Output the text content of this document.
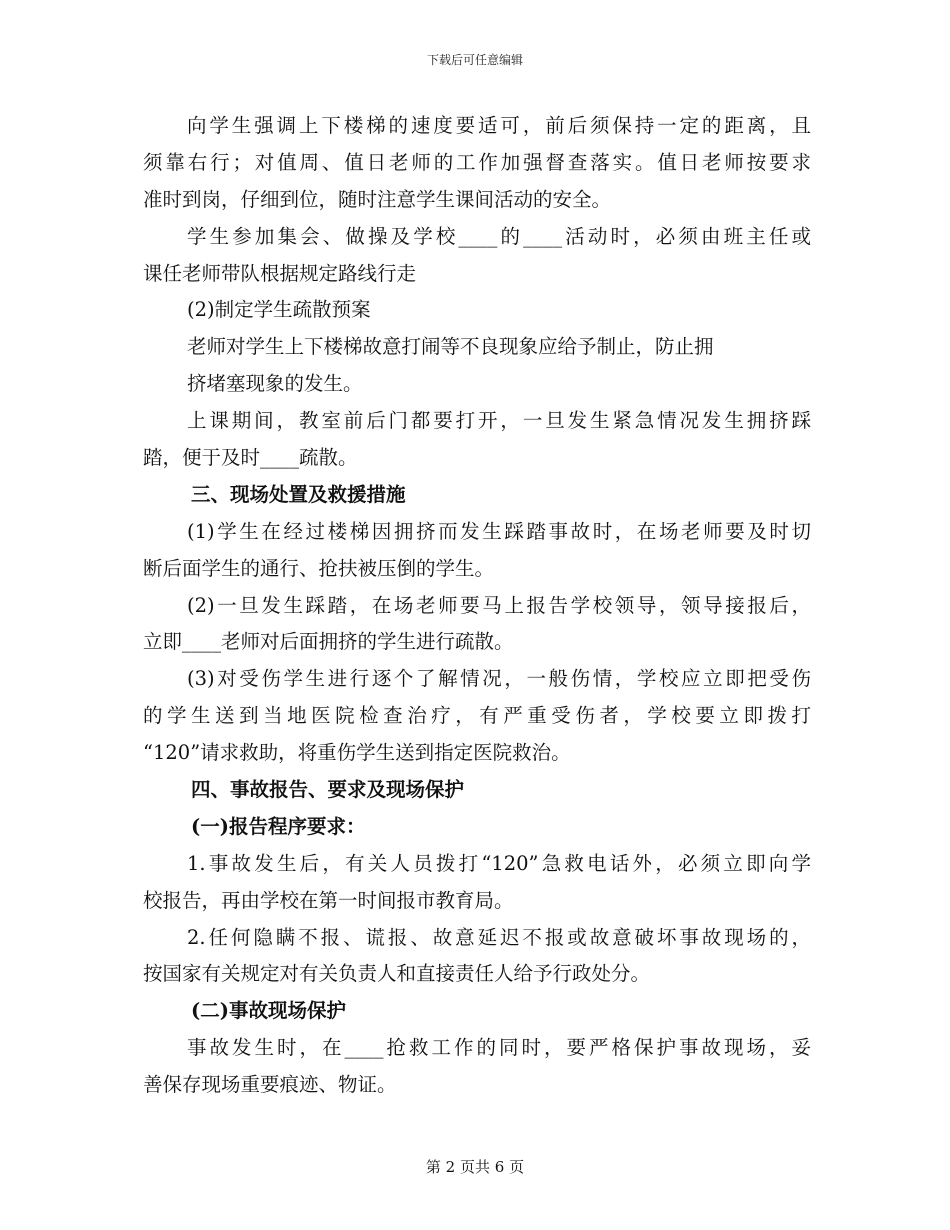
下载后可任意编辑
向学生强调上下楼梯的速度要适可，前后须保持一定的距离，且
须靠右行；对值周、值日老师的工作加强督查落实。值日老师按要求
准时到岗，仔细到位，随时注意学生课间活动的安全。
学生参加集会、做操及学校____的____活动时，必须由班主任或
课任老师带队根据规定路线行走
(2)制定学生疏散预案
老师对学生上下楼梯故意打闹等不良现象应给予制止，防止拥
挤堵塞现象的发生。
上课期间，教室前后门都要打开，一旦发生紧急情况发生拥挤踩
踏，便于及时____疏散。
三、现场处置及救援措施
(1)学生在经过楼梯因拥挤而发生踩踏事故时，在场老师要及时切
断后面学生的通行、抢扶被压倒的学生。
(2)一旦发生踩踏，在场老师要马上报告学校领导，领导接报后，
立即____老师对后面拥挤的学生进行疏散。
(3)对受伤学生进行逐个了解情况，一般伤情，学校应立即把受伤
的学生送到当地医院检查治疗，有严重受伤者，学校要立即拨打
“120”请求救助，将重伤学生送到指定医院救治。
四、事故报告、要求及现场保护
(一)报告程序要求：
1.事故发生后，有关人员拨打“120”急救电话外，必须立即向学
校报告，再由学校在第一时间报市教育局。
2.任何隐瞒不报、谎报、故意延迟不报或故意破坏事故现场的，
按国家有关规定对有关负责人和直接责任人给予行政处分。
(二)事故现场保护
事故发生时，在____抢救工作的同时，要严格保护事故现场，妥
善保存现场重要痕迹、物证。
第 2 页共 6 页
